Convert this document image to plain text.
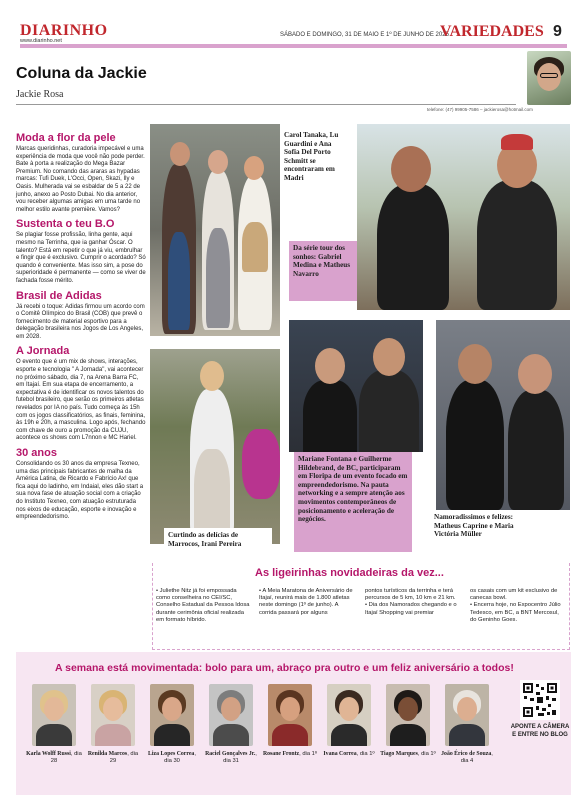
DIARINHO
www.diarinho.net
SÁBADO E DOMINGO, 31 DE MAIO E 1º DE JUNHO DE 2025
VARIEDADES 9
Coluna da Jackie
Jackie Rosa
telefone: (47) 99905-7586 – jackierosa@hotmail.com
Moda a flor da pele

Marcas queridinhas, curadoria impecável e uma experiência de moda que você não pode perder. Bate à porta a realização do Mega Bazar Premium. No comando das araras as hypadas marcas: Tufi Duek, L'Occi, Open, Skazi, Ily e Oasis. Mulherada vai se esbaldar de 5 a 22 de junho, anexo ao Posto Dubai. No dia anterior, vou receber algumas amigas em uma tarde no melhor estilo avante première. Vamos?

Sustenta o teu B.O

Se plagiar fosse profissão, linha gente, aqui mesmo na Terrinha, que ia ganhar Óscar. O talento? Está em repetir o que já viu, embrulhar e fingir que é exclusivo. Cumprir o acordado? Só quando é conveniente. Mas isso sim, a pose do superioridade é permanente — como se viver de fachada fosse mérito.

Brasil de Adidas

Já recebi o toque: Adidas firmou um acordo com o Comitê Olímpico do Brasil (COB) que prevê o fornecimento de material esportivo para a delegação brasileira nos Jogos de Los Angeles, em 2028.

A Jornada

O evento que é um mix de shows, interações, esporte e tecnologia " A Jornada", vai acontecer no próximo sábado, dia 7, na Arena Barra FC, em Itajaí. Em sua etapa de encerramento, a expectativa é de identificar os novos talentos do futebol brasileiro, que serão os primeiros atletas revelados por IA no país. Tudo começa às 15h com os jogos classificatórios, as finais, feminina, às 19h e 20h, a masculina. Logo após, fechando com chave de ouro a promoção da CUJU, acontece os shows com L7nnon e MC Hariel.

30 anos

Consolidando os 30 anos da empresa Texneo, uma das principais fabricantes de malha da América Latina, de Ricardo e Fabrício Ax! que fica aqui do ladinho, em Indaial, eles dão start a sua nova fase de atuação social com a criação do Instituto Texneo, com atuação estruturada nos eixos de educação, esporte e inovação e empreendedorismo.

Carol Tanaka, Lu Guardini e Ana Sofia Del Porto Schmitt se encontraram em Madri
Da série tour dos sonhos: Gabriel Medina e Matheus Navarro
Curtindo as delícias de Marrocos, Irani Pereira
Mariane Fontana e Guilherme Hildebrand, de BC, participaram em Floripa de um evento focado em empreendedorismo. Na pauta networking e a sempre atenção aos movimentos contemporâneos de posicionamento e aceleração de negócios.	Namoradissimos e felizes: Matheus Caprine e Maria Victória Müller
As ligeirinhas novidadeiras da vez...
• Juliethe Nitz já foi empossada como conselheira no CEI/SC, Conselho Estadual da Pessoa Idosa durante cerimônia oficial realizada em formato híbrido.
• A Meia Maratona de Aniversário de Itajaí, reunirá mais de 1.800 atletas neste domingo (1º de junho). A corrida passará por alguns
pontos turísticos da terrinha e terá percursos de 5 km, 10 km e 21 km.
• Dia dos Namorados chegando e o Itajaí Shopping vai premiar
os casais com um kit exclusivo de canecas bowl.
• Encerra hoje, no Expocentro Júlio Tedesco, em BC, a BNT Mercosul, do Geninho Goes.
A semana está movimentada: bolo para um, abraço pra outro e um feliz aniversário a todos!
Karla Wolff Russi, dia 28
Renilda Marcos, dia 29
Liza Lopes Correa, dia 30
Raciel Gonçalves Jr., dia 31
Rosane Frontz, dia 1º	Ivana Correa, dia 1º Tiago Marques, dia 1º João Érico de Souza, dia 4
APONTE A CÂMERA E ENTRE NO BLOG
